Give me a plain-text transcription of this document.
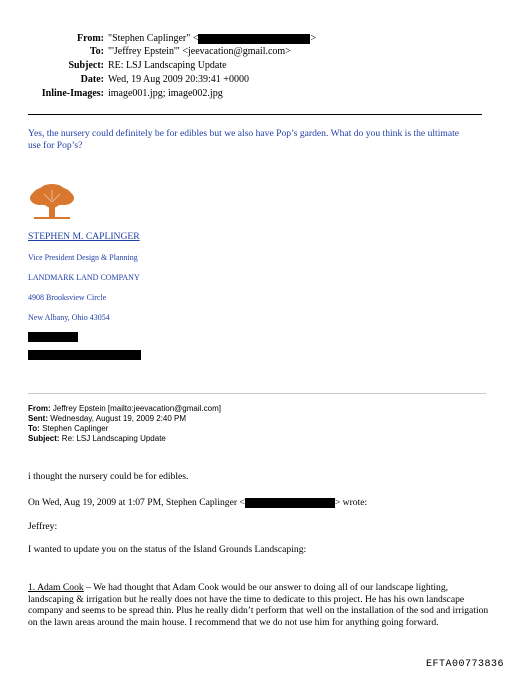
From: "Stephen Caplinger" <	>
To: "'Jeffrey Epstein'" <jeevacation@gmail.com>
Subject: RE: LSJ Landscaping Update
Date: Wed, 19 Aug 2009 20:39:41 +0000
Inline-Images: image001.jpg; image002.jpg
Yes, the nursery could definitely be for edibles but we also have Pop’s garden. What do you think is the ultimate
use for Pop’s?
STEPHEN M. CAPLINGER
Vice President Design & Planning
LANDMARK LAND COMPANY
4908 Brooksview Circle
New Albany, Ohio 43054
From: Jeffrey Epstein [mailto:jeevacation@gmail.com]
Sent: Wednesday, August 19, 2009 2:40 PM
To: Stephen Caplinger
Subject: Re: LSJ Landscaping Update
i thought the nursery could be for edibles.
On Wed, Aug 19, 2009 at 1:07 PM, Stephen Caplinger <	> wrote:
Jeffrey:
I wanted to update you on the status of the Island Grounds Landscaping:
1. Adam Cook – We had thought that Adam Cook would be our answer to doing all of our landscape lighting, landscaping & irrigation but he really does not have the time to dedicate to this project. He has his own landscape company and seems to be spread thin. Plus he really didn’t perform that well on the installation of the sod and irrigation on the lawn areas around the main house. I recommend that we do not use him for anything going forward.
EFTA00773836
